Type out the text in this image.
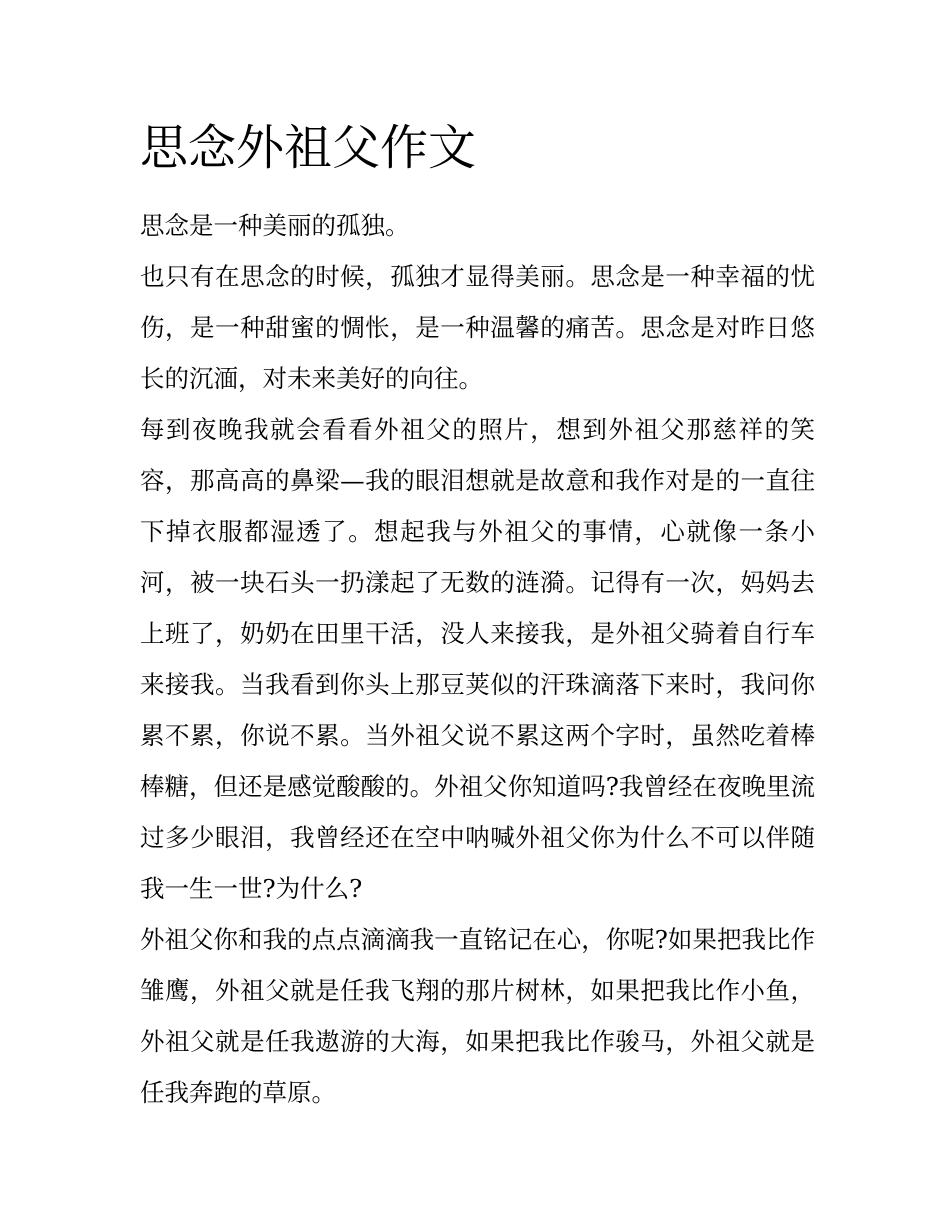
思念外祖父作文

思念是一种美丽的孤独。

也只有在思念的时候，孤独才显得美丽。思念是一种幸福的忧伤，是一种甜蜜的惆怅，是一种温馨的痛苦。思念是对昨日悠长的沉湎，对未来美好的向往。

每到夜晚我就会看看外祖父的照片，想到外祖父那慈祥的笑容，那高高的鼻梁—我的眼泪想就是故意和我作对是的一直往下掉衣服都湿透了。想起我与外祖父的事情，心就像一条小河，被一块石头一扔漾起了无数的涟漪。记得有一次，妈妈去上班了，奶奶在田里干活，没人来接我，是外祖父骑着自行车来接我。当我看到你头上那豆荚似的汗珠滴落下来时，我问你累不累，你说不累。当外祖父说不累这两个字时，虽然吃着棒棒糖，但还是感觉酸酸的。外祖父你知道吗?我曾经在夜晚里流过多少眼泪，我曾经还在空中呐喊外祖父你为什么不可以伴随我一生一世?为什么?

外祖父你和我的点点滴滴我一直铭记在心，你呢?如果把我比作雏鹰，外祖父就是任我飞翔的那片树林，如果把我比作小鱼，外祖父就是任我遨游的大海，如果把我比作骏马，外祖父就是任我奔跑的草原。
